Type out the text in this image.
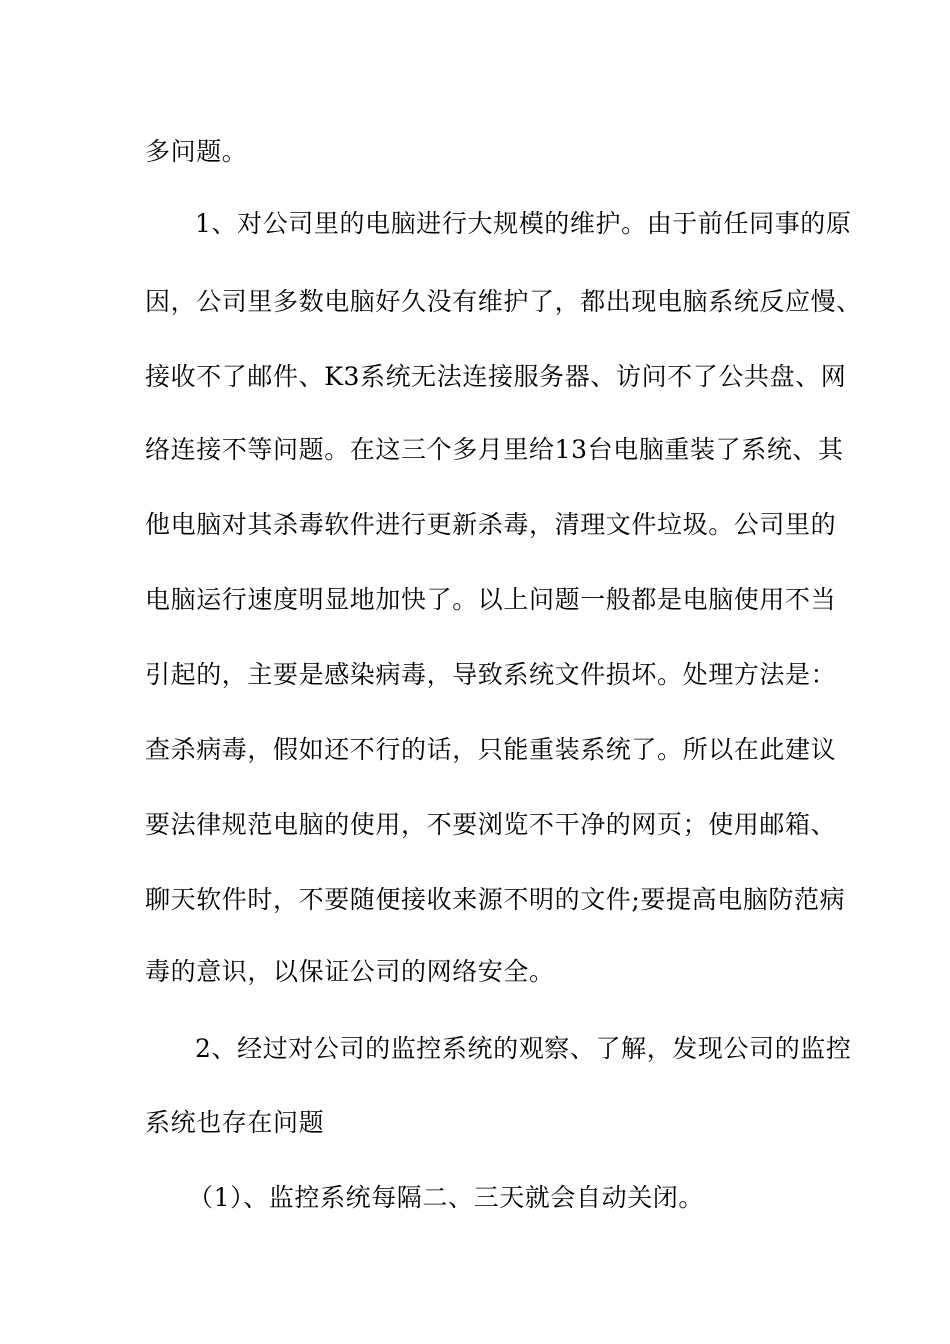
多问题。
1、对公司里的电脑进行大规模的维护。由于前任同事的原
因，公司里多数电脑好久没有维护了，都出现电脑系统反应慢、
接收不了邮件、K3系统无法连接服务器、访问不了公共盘、网
络连接不等问题。在这三个多月里给13台电脑重装了系统、其
他电脑对其杀毒软件进行更新杀毒，清理文件垃圾。公司里的
电脑运行速度明显地加快了。以上问题一般都是电脑使用不当
引起的，主要是感染病毒，导致系统文件损坏。处理方法是：
查杀病毒，假如还不行的话，只能重装系统了。所以在此建议
要法律规范电脑的使用，不要浏览不干净的网页；使用邮箱、
聊天软件时，不要随便接收来源不明的文件;要提高电脑防范病
毒的意识，以保证公司的网络安全。
2、经过对公司的监控系统的观察、了解，发现公司的监控
系统也存在问题
（1）、监控系统每隔二、三天就会自动关闭。
